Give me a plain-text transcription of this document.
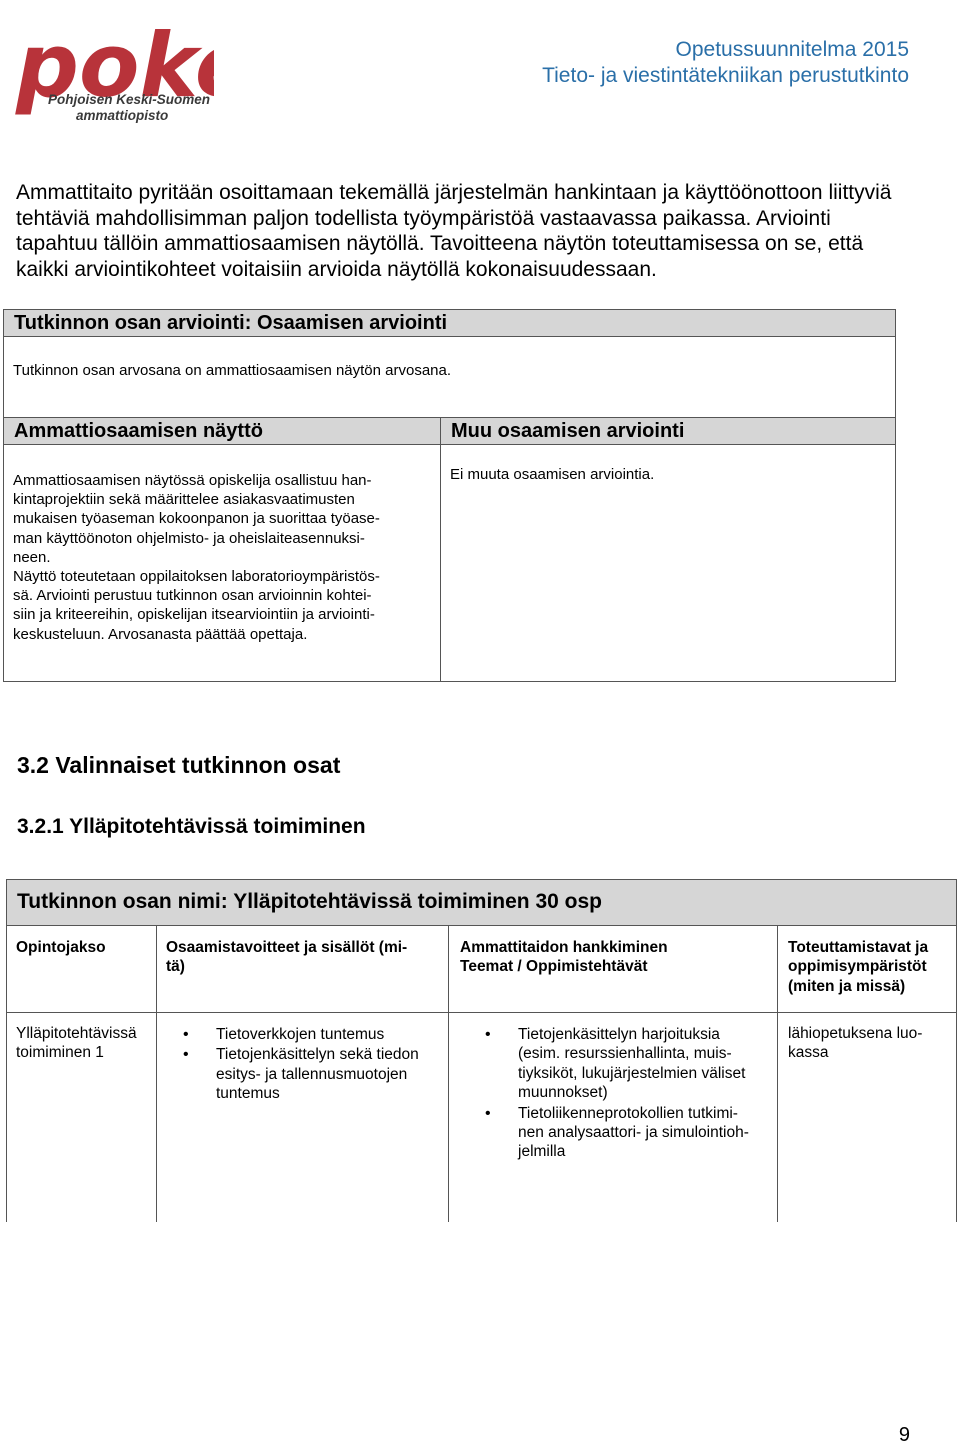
pok
Pohjoisen Keski-Suomen
ammattiopisto
Opetussuunnitelma 2015
Tieto- ja viestintätekniikan perustutkinto

Ammattitaito pyritään osoittamaan tekemällä järjestelmän hankintaan ja käyttöönottoon liittyviä tehtäviä mahdollisimman paljon todellista työympäristöä vastaavassa paikassa. Arviointi tapahtuu tällöin ammattiosaamisen näytöllä. Tavoitteena näytön toteuttamisessa on se, että kaikki arviointikohteet voitaisiin arvioida näytöllä kokonaisuudessaan.

Tutkinnon osan arviointi: Osaamisen arviointi
Tutkinnon osan arvosana on ammattiosaamisen näytön arvosana.
Ammattiosaamisen näyttö	Muu osaamisen arviointi
Ammattiosaamisen näytössä opiskelija osallistuu han-
kintaprojektiin sekä määrittelee asiakasvaatimusten
mukaisen työaseman kokoonpanon ja suorittaa työase-
man käyttöönoton ohjelmisto- ja oheislaiteasennuksi-
neen.
Näyttö toteutetaan oppilaitoksen laboratorioympäristös-
sä. Arviointi perustuu tutkinnon osan arvioinnin kohtei-
siin ja kriteereihin, opiskelijan itsearviointiin ja arviointi-
keskusteluun. Arvosanasta päättää opettaja.
Ei muuta osaamisen arviointia.
3.2 Valinnaiset tutkinnon osat
3.2.1 Ylläpitotehtävissä toimiminen
Tutkinnon osan nimi: Ylläpitotehtävissä toimiminen 30 osp
Opintojakso	Osaamistavoitteet ja sisällöt (mi-
tä)
Ammattitaidon hankkiminen
Teemat / Oppimistehtävät
Toteuttamistavat ja
oppimisympäristöt
(miten ja missä)
Ylläpitotehtävissä
toimiminen 1
• Tietoverkkojen tuntemus
• Tietojenkäsittelyn sekä tiedon
esitys- ja tallennusmuotojen
tuntemus
• Tietojenkäsittelyn harjoituksia
(esim. resurssienhallinta, muis-
tiyksiköt, lukujärjestelmien väliset
muunnokset)
• Tietoliikenneprotokollien tutkimi-
nen analysaattori- ja simulointioh-
jelmilla
lähiopetuksena luo-
kassa
9
